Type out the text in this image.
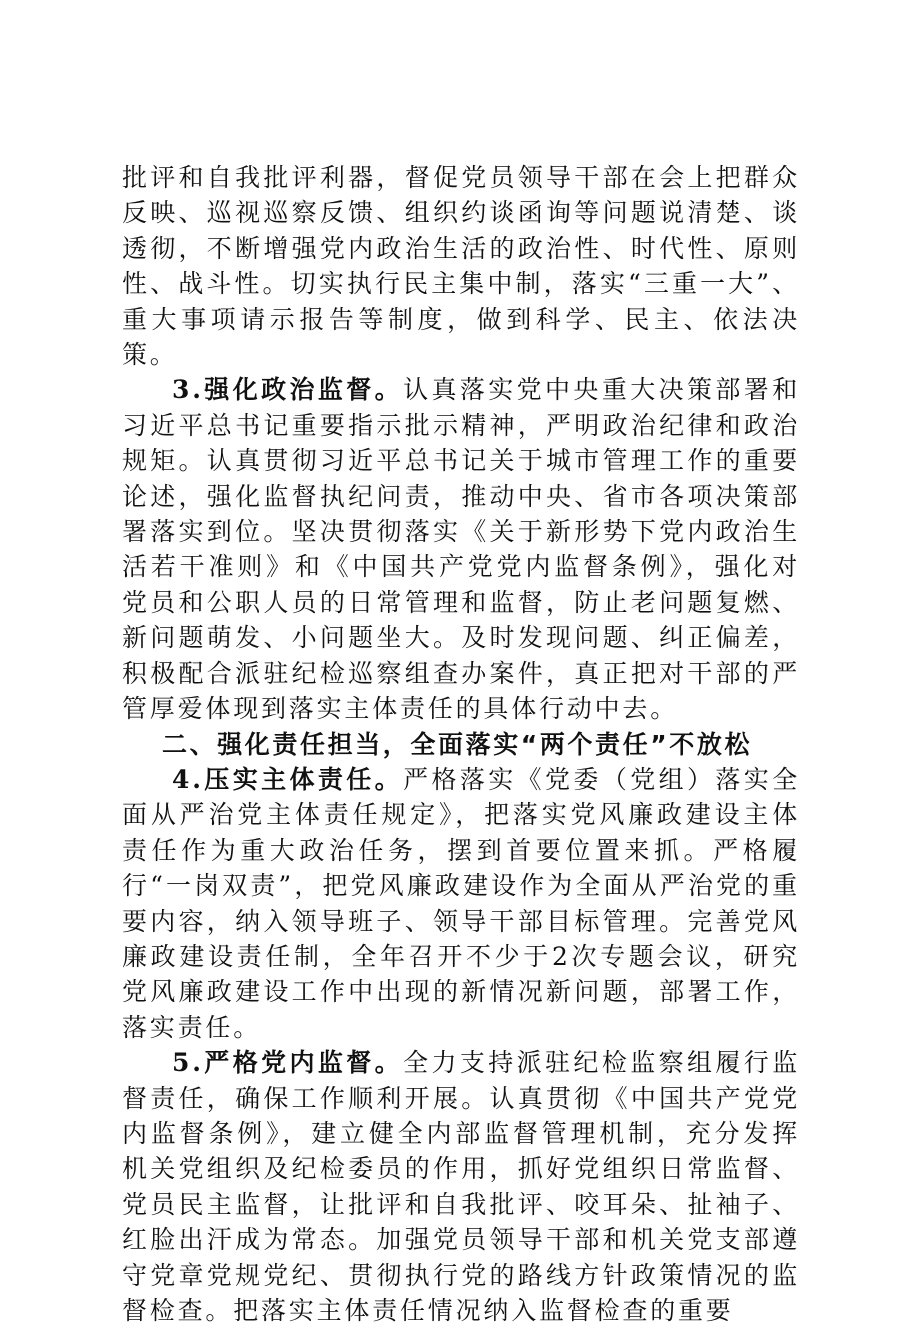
批评和自我批评利器，督促党员领导干部在会上把群众反映、巡视巡察反馈、组织约谈函询等问题说清楚、谈透彻，不断增强党内政治生活的政治性、时代性、原则性、战斗性。切实执行民主集中制，落实“三重一大”、重大事项请示报告等制度，做到科学、民主、依法决策。

3.强化政治监督。认真落实党中央重大决策部署和习近平总书记重要指示批示精神，严明政治纪律和政治规矩。认真贯彻习近平总书记关于城市管理工作的重要论述，强化监督执纪问责，推动中央、省市各项决策部署落实到位。坚决贯彻落实《关于新形势下党内政治生活若干准则》和《中国共产党党内监督条例》，强化对党员和公职人员的日常管理和监督，防止老问题复燃、新问题萌发、小问题坐大。及时发现问题、纠正偏差，积极配合派驻纪检巡察组查办案件，真正把对干部的严管厚爱体现到落实主体责任的具体行动中去。

二、强化责任担当，全面落实“两个责任”不放松

4.压实主体责任。严格落实《党委（党组）落实全面从严治党主体责任规定》，把落实党风廉政建设主体责任作为重大政治任务，摆到首要位置来抓。严格履行“一岗双责”，把党风廉政建设作为全面从严治党的重要内容，纳入领导班子、领导干部目标管理。完善党风廉政建设责任制，全年召开不少于2次专题会议，研究党风廉政建设工作中出现的新情况新问题，部署工作，落实责任。

5.严格党内监督。全力支持派驻纪检监察组履行监督责任，确保工作顺利开展。认真贯彻《中国共产党党内监督条例》，建立健全内部监督管理机制，充分发挥机关党组织及纪检委员的作用，抓好党组织日常监督、党员民主监督，让批评和自我批评、咬耳朵、扯袖子、红脸出汗成为常态。加强党员领导干部和机关党支部遵守党章党规党纪、贯彻执行党的路线方针政策情况的监督检查。把落实主体责任情况纳入监督检查的重要
